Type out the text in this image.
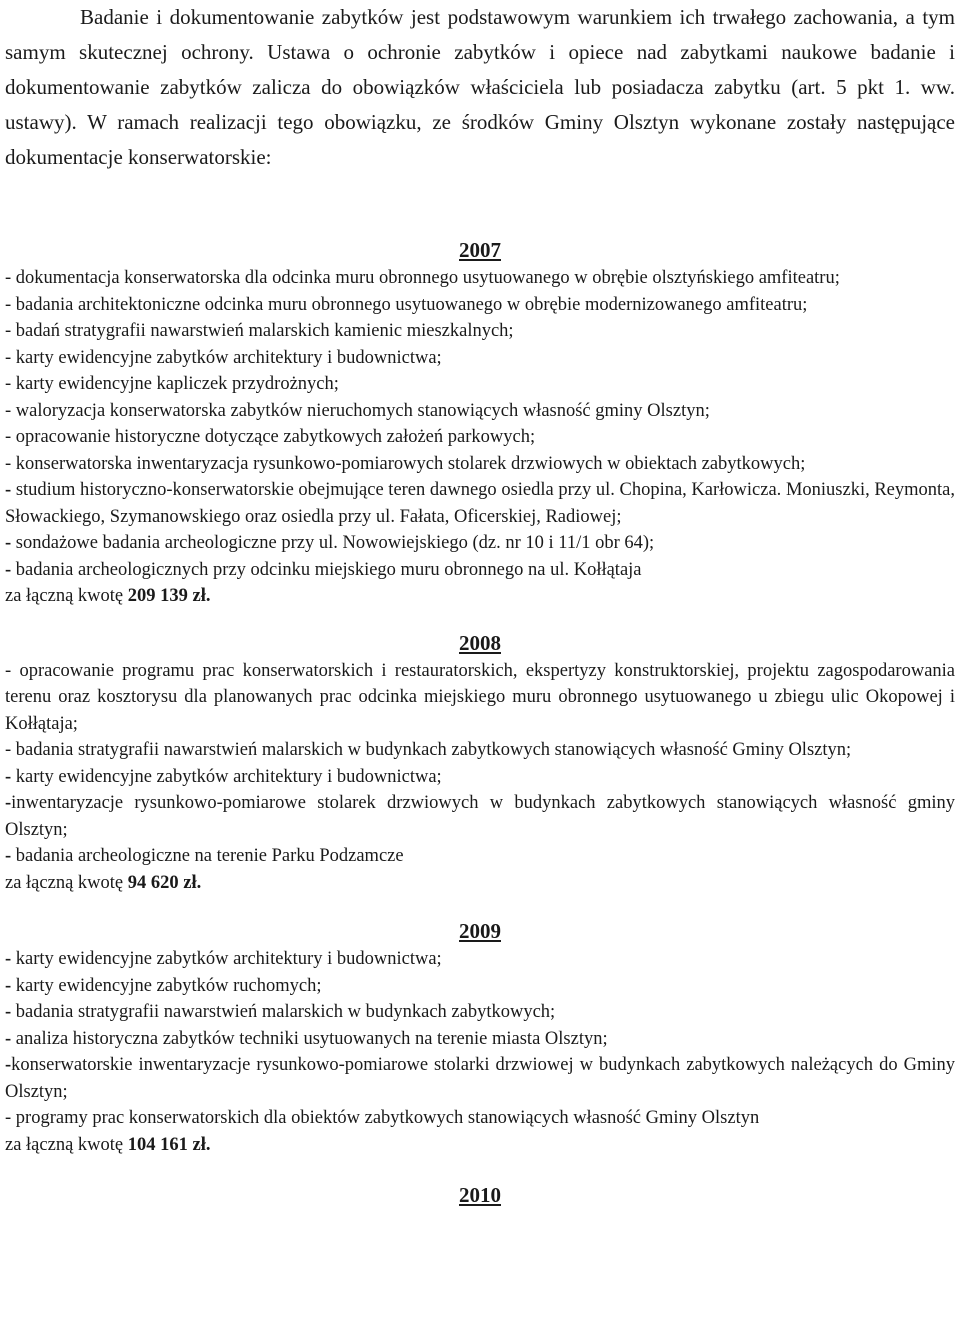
Badanie i dokumentowanie zabytków jest podstawowym warunkiem ich trwałego zachowania, a tym samym skutecznej ochrony. Ustawa o ochronie zabytków i opiece nad zabytkami naukowe badanie i dokumentowanie zabytków zalicza do obowiązków właściciela lub posiadacza zabytku (art. 5 pkt 1. ww. ustawy). W ramach realizacji tego obowiązku, ze środków Gminy Olsztyn wykonane zostały następujące dokumentacje konserwatorskie:

2007

- dokumentacja konserwatorska dla odcinka muru obronnego usytuowanego w obrębie olsztyńskiego amfiteatru;
- badania architektoniczne odcinka muru obronnego usytuowanego w obrębie modernizowanego amfiteatru;
- badań stratygrafii nawarstwień malarskich kamienic mieszkalnych;
- karty ewidencyjne zabytków architektury i budownictwa;
- karty ewidencyjne kapliczek przydrożnych;
- waloryzacja konserwatorska zabytków nieruchomych stanowiących własność gminy Olsztyn;
- opracowanie historyczne dotyczące zabytkowych założeń parkowych;
- konserwatorska inwentaryzacja rysunkowo-pomiarowych stolarek drzwiowych w obiektach zabytkowych;
- studium historyczno-konserwatorskie obejmujące teren dawnego osiedla przy ul. Chopina, Karłowicza. Moniuszki, Reymonta, Słowackiego, Szymanowskiego oraz osiedla przy ul. Fałata, Oficerskiej, Radiowej;
- sondażowe badania archeologiczne przy ul. Nowowiejskiego (dz. nr 10 i 11/1 obr 64);
- badania archeologicznych przy odcinku miejskiego muru obronnego na ul. Kołłątaja

za łączną kwotę 209 139 zł.

2008

- opracowanie programu prac konserwatorskich i restauratorskich, ekspertyzy konstruktorskiej, projektu zagospodarowania terenu oraz kosztorysu dla planowanych prac odcinka miejskiego muru obronnego usytuowanego u zbiegu ulic Okopowej i Kołłątaja;
- badania stratygrafii nawarstwień malarskich w budynkach zabytkowych stanowiących własność Gminy Olsztyn;
- karty ewidencyjne zabytków architektury i budownictwa;
-inwentaryzacje rysunkowo-pomiarowe stolarek drzwiowych w budynkach zabytkowych stanowiących własność gminy Olsztyn;
- badania archeologiczne na terenie Parku Podzamcze

za łączną kwotę 94 620 zł.

2009

- karty ewidencyjne zabytków architektury i budownictwa;
- karty ewidencyjne zabytków ruchomych;
- badania stratygrafii nawarstwień malarskich w budynkach zabytkowych;
- analiza historyczna zabytków techniki usytuowanych na terenie miasta Olsztyn;
-konserwatorskie inwentaryzacje rysunkowo-pomiarowe stolarki drzwiowej w budynkach zabytkowych należących do Gminy Olsztyn;
- programy prac konserwatorskich dla obiektów zabytkowych stanowiących własność Gminy Olsztyn

za łączną kwotę 104 161 zł.

2010
